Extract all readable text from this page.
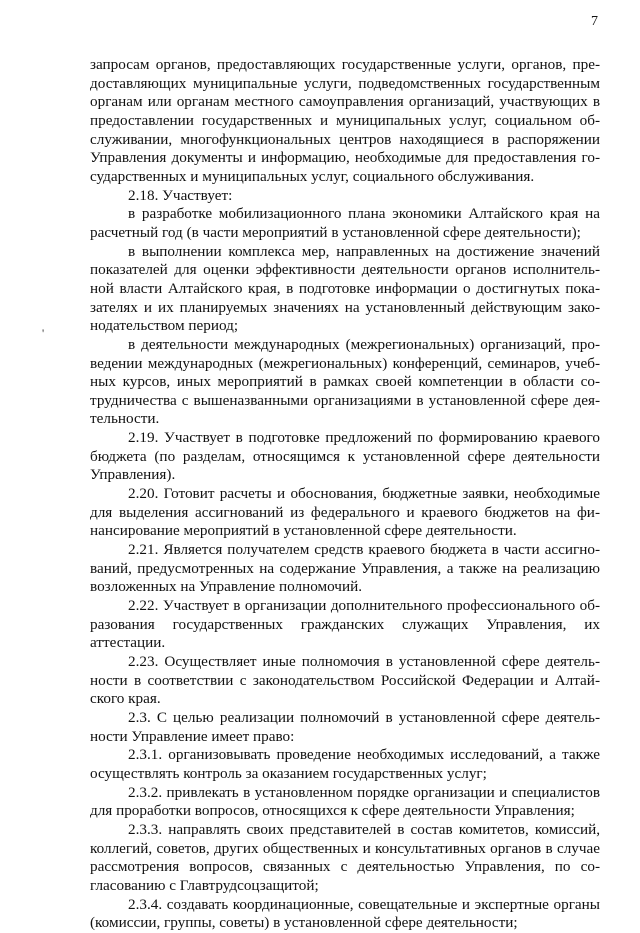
7
'

запросам органов, предоставляющих государственные услуги, органов, предоставляющих муниципальные услуги, подведомственных государственным органам или органам местного самоуправления организаций, участвующих в предоставлении государственных и муниципальных услуг, социальном обслуживании, многофункциональных центров находящиеся в распоряжении Управления документы и информацию, необходимые для предоставления государственных и муниципальных услуг, социального обслуживания.

2.18. Участвует:

в разработке мобилизационного плана экономики Алтайского края на расчетный год (в части мероприятий в установленной сфере деятельности);

в выполнении комплекса мер, направленных на достижение значений показателей для оценки эффективности деятельности органов исполнительной власти Алтайского края, в подготовке информации о достигнутых показателях и их планируемых значениях на установленный действующим законодательством период;

в деятельности международных (межрегиональных) организаций, проведении международных (межрегиональных) конференций, семинаров, учебных курсов, иных мероприятий в рамках своей компетенции в области сотрудничества с вышеназванными организациями в установленной сфере деятельности.

2.19. Участвует в подготовке предложений по формированию краевого бюджета (по разделам, относящимся к установленной сфере деятельности Управления).

2.20. Готовит расчеты и обоснования, бюджетные заявки, необходимые для выделения ассигнований из федерального и краевого бюджетов на финансирование мероприятий в установленной сфере деятельности.

2.21. Является получателем средств краевого бюджета в части ассигнований, предусмотренных на содержание Управления, а также на реализацию возложенных на Управление полномочий.

2.22. Участвует в организации дополнительного профессионального образования государственных гражданских служащих Управления, их аттестации.

2.23. Осуществляет иные полномочия в установленной сфере деятельности в соответствии с законодательством Российской Федерации и Алтайского края.

2.3. С целью реализации полномочий в установленной сфере деятельности Управление имеет право:

2.3.1. организовывать проведение необходимых исследований, а также осуществлять контроль за оказанием государственных услуг;

2.3.2. привлекать в установленном порядке организации и специалистов для проработки вопросов, относящихся к сфере деятельности Управления;

2.3.3. направлять своих представителей в состав комитетов, комиссий, коллегий, советов, других общественных и консультативных органов в случае рассмотрения вопросов, связанных с деятельностью Управления, по согласованию с Главтрудсоцзащитой;

2.3.4. создавать координационные, совещательные и экспертные органы (комиссии, группы, советы) в установленной сфере деятельности;
